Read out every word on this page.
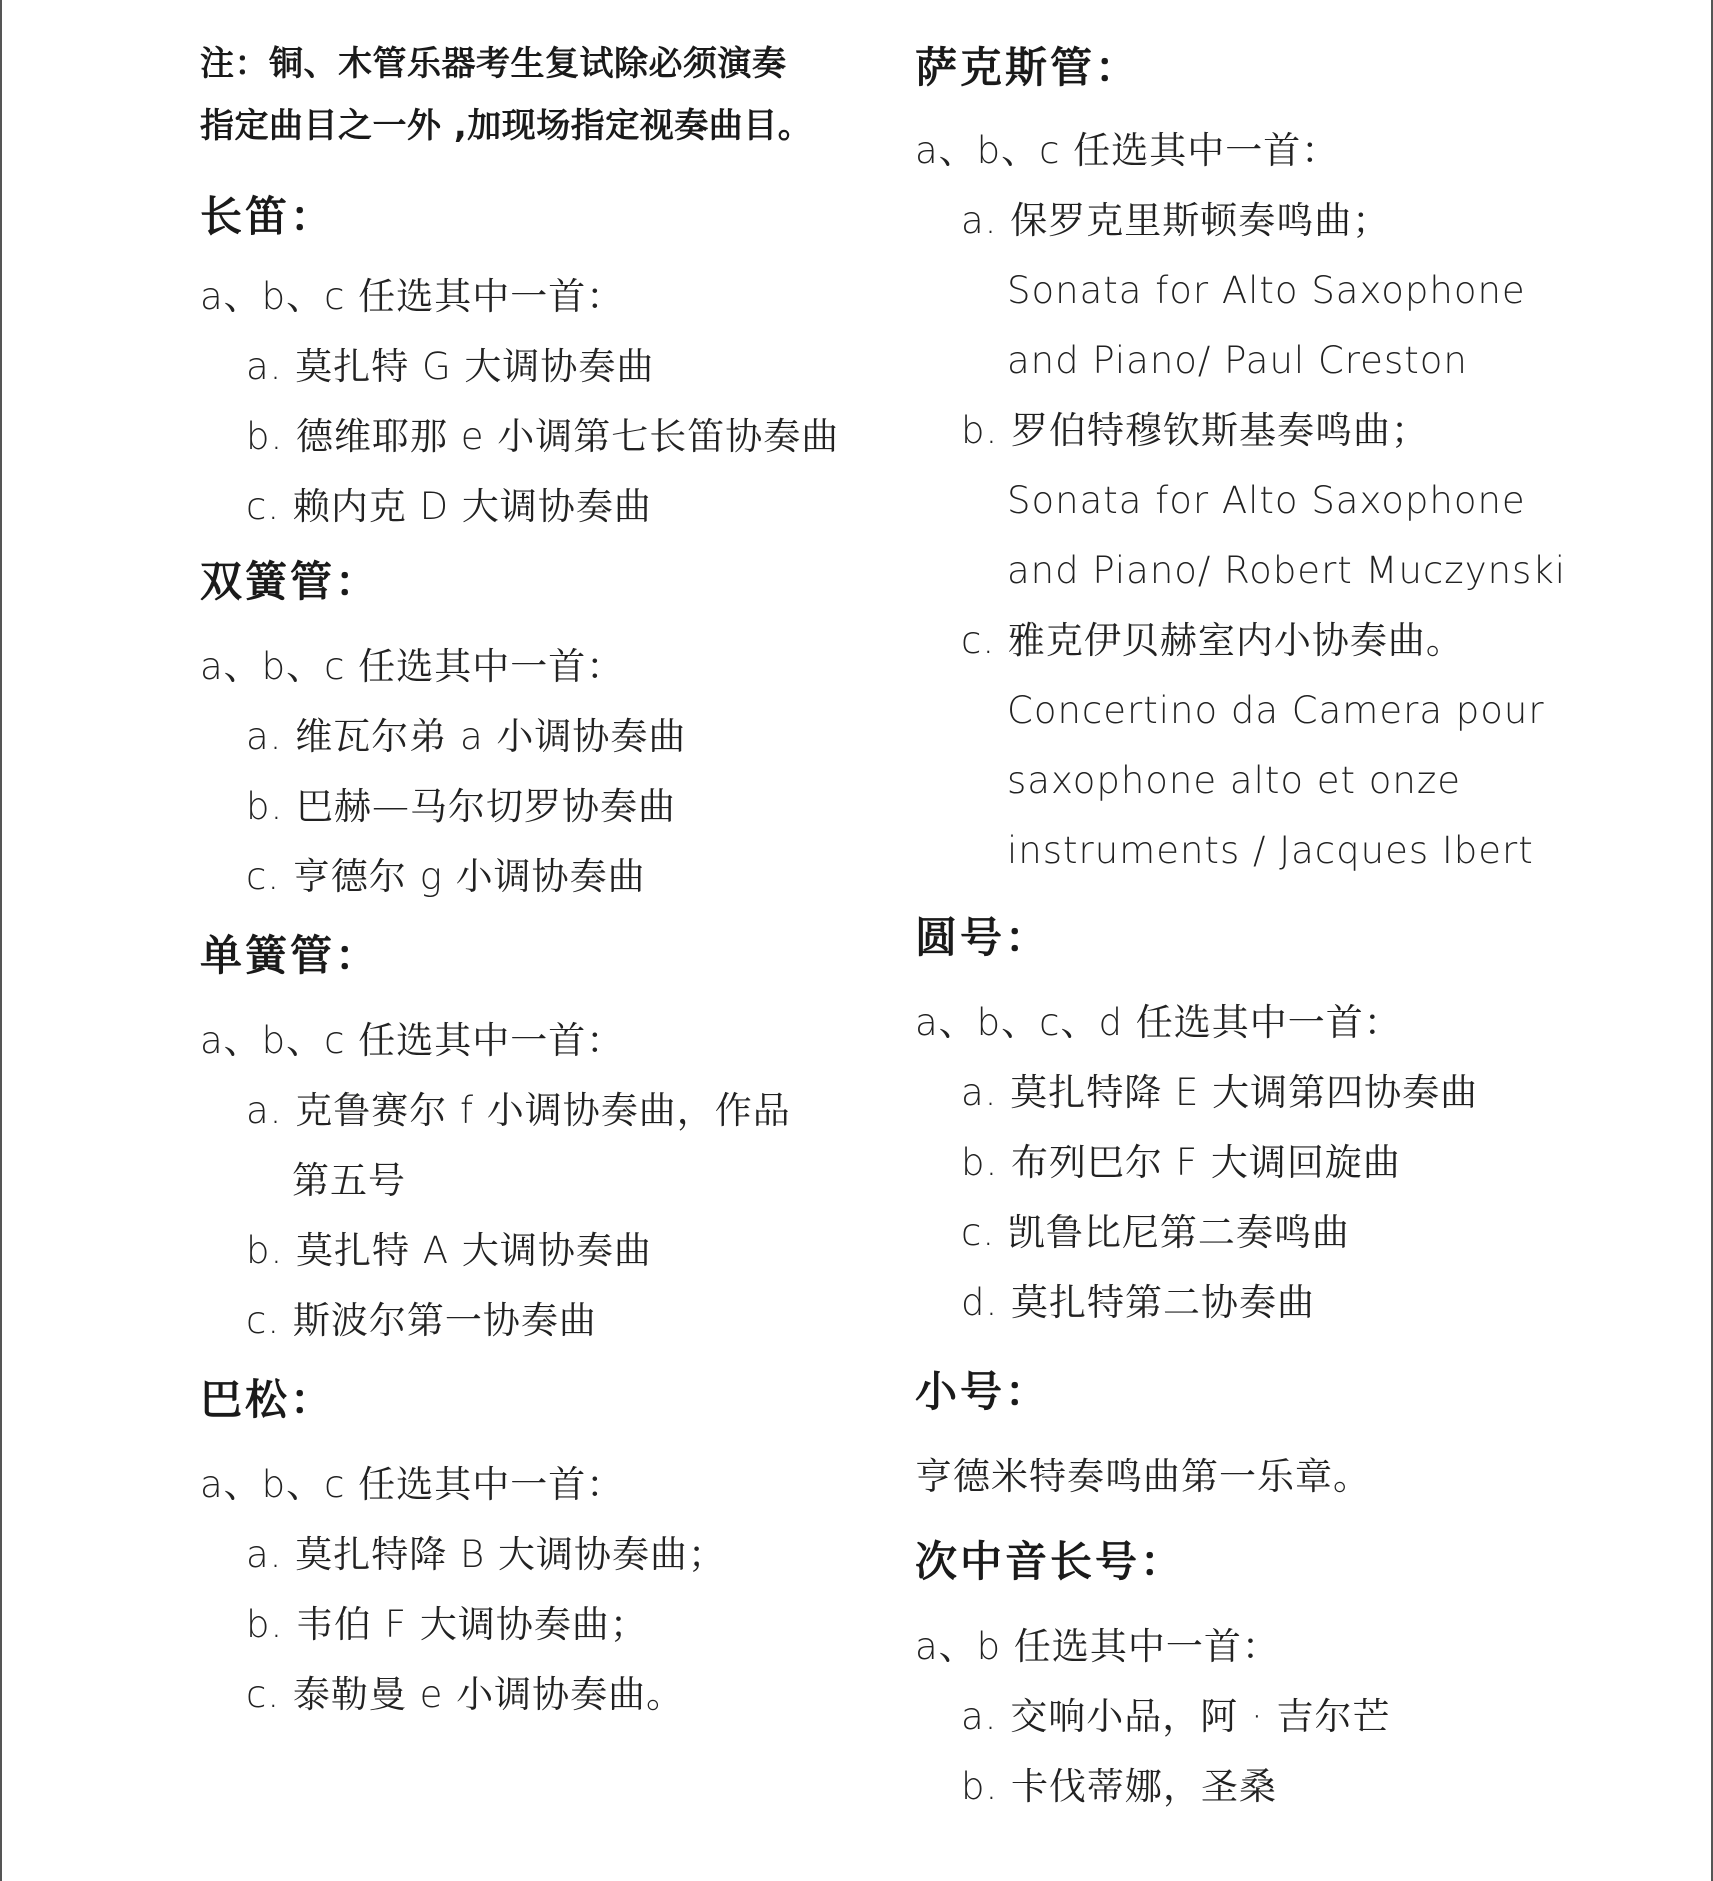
注：铜、木管乐器考生复试除必须演奏
指定曲目之一外 ,加现场指定视奏曲目。
长笛：
a、b、c 任选其中一首：
a. 莫扎特 G 大调协奏曲
b. 德维耶那 e 小调第七长笛协奏曲
c. 赖内克 D 大调协奏曲
双簧管：
a、b、c 任选其中一首：
a. 维瓦尔弟 a 小调协奏曲
b. 巴赫—马尔切罗协奏曲
c. 亨德尔 g 小调协奏曲
单簧管：
a、b、c 任选其中一首：
a. 克鲁赛尔 f 小调协奏曲，作品
第五号
b. 莫扎特 A 大调协奏曲
c. 斯波尔第一协奏曲
巴松：
a、b、c 任选其中一首：
a. 莫扎特降 B 大调协奏曲；
b. 韦伯 F 大调协奏曲；
c. 泰勒曼 e 小调协奏曲。
萨克斯管：
a、b、c 任选其中一首：
a. 保罗克里斯顿奏鸣曲；
Sonata for Alto Saxophone
and Piano/ Paul Creston
b. 罗伯特穆钦斯基奏鸣曲；
Sonata for Alto Saxophone
and Piano/ Robert Muczynski
c. 雅克伊贝赫室内小协奏曲。
Concertino da Camera pour
saxophone alto et onze
instruments / Jacques Ibert
圆号：
a、b、c、d 任选其中一首：
a. 莫扎特降 E 大调第四协奏曲
b. 布列巴尔 F 大调回旋曲
c. 凯鲁比尼第二奏鸣曲
d. 莫扎特第二协奏曲
小号：
亨德米特奏鸣曲第一乐章。
次中音长号：
a、b 任选其中一首：
a. 交响小品，阿 · 吉尔芒
b. 卡伐蒂娜，圣桑
